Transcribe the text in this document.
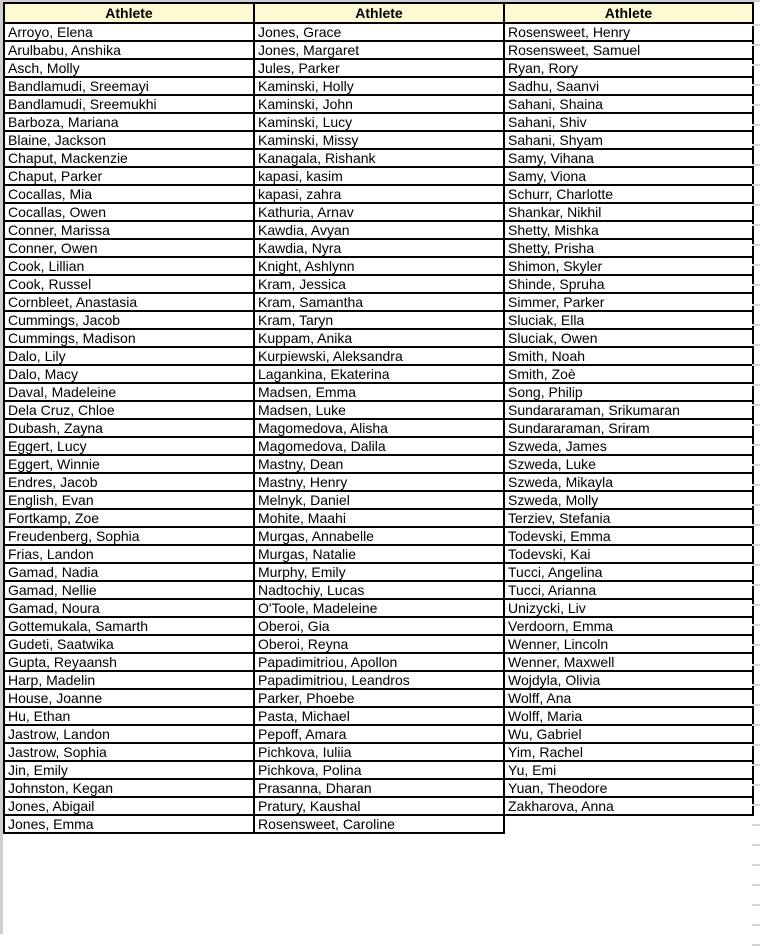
Athlete	Athlete	Athlete
Arroyo, Elena	Jones, Grace	Rosensweet, Henry
Arulbabu, Anshika	Jones, Margaret	Rosensweet, Samuel
Asch, Molly	Jules, Parker	Ryan, Rory
Bandlamudi, Sreemayi	Kaminski, Holly	Sadhu, Saanvi
Bandlamudi, Sreemukhi	Kaminski, John	Sahani, Shaina
Barboza, Mariana	Kaminski, Lucy	Sahani, Shiv
Blaine, Jackson	Kaminski, Missy	Sahani, Shyam
Chaput, Mackenzie	Kanagala, Rishank	Samy, Vihana
Chaput, Parker	kapasi, kasim	Samy, Viona
Cocallas, Mia	kapasi, zahra	Schurr, Charlotte
Cocallas, Owen	Kathuria, Arnav	Shankar, Nikhil
Conner, Marissa	Kawdia, Avyan	Shetty, Mishka
Conner, Owen	Kawdia, Nyra	Shetty, Prisha
Cook, Lillian	Knight, Ashlynn	Shimon, Skyler
Cook, Russel	Kram, Jessica	Shinde, Spruha
Cornbleet, Anastasia	Kram, Samantha	Simmer, Parker
Cummings, Jacob	Kram, Taryn	Sluciak, Ella
Cummings, Madison	Kuppam, Anika	Sluciak, Owen
Dalo, Lily	Kurpiewski, Aleksandra	Smith, Noah
Dalo, Macy	Lagankina, Ekaterina	Smith, Zoè
Daval, Madeleine	Madsen, Emma	Song, Philip
Dela Cruz, Chloe	Madsen, Luke	Sundararaman, Srikumaran
Dubash, Zayna	Magomedova, Alisha	Sundararaman, Sriram
Eggert, Lucy	Magomedova, Dalila	Szweda, James
Eggert, Winnie	Mastny, Dean	Szweda, Luke
Endres, Jacob	Mastny, Henry	Szweda, Mikayla
English, Evan	Melnyk, Daniel	Szweda, Molly
Fortkamp, Zoe	Mohite, Maahi	Terziev, Stefania
Freudenberg, Sophia	Murgas, Annabelle	Todevski, Emma
Frias, Landon	Murgas, Natalie	Todevski, Kai
Gamad, Nadia	Murphy, Emily	Tucci, Angelina
Gamad, Nellie	Nadtochiy, Lucas	Tucci, Arianna
Gamad, Noura	O'Toole, Madeleine	Unizycki, Liv
Gottemukala, Samarth	Oberoi, Gia	Verdoorn, Emma
Gudeti, Saatwika	Oberoi, Reyna	Wenner, Lincoln
Gupta, Reyaansh	Papadimitriou, Apollon	Wenner, Maxwell
Harp, Madelin	Papadimitriou, Leandros	Wojdyla, Olivia
House, Joanne	Parker, Phoebe	Wolff, Ana
Hu, Ethan	Pasta, Michael	Wolff, Maria
Jastrow, Landon	Pepoff, Amara	Wu, Gabriel
Jastrow, Sophia	Pichkova, Iuliia	Yim, Rachel
Jin, Emily	Pichkova, Polina	Yu, Emi
Johnston, Kegan	Prasanna, Dharan	Yuan, Theodore
Jones, Abigail	Pratury, Kaushal	Zakharova, Anna
Jones, Emma	Rosensweet, Caroline	
